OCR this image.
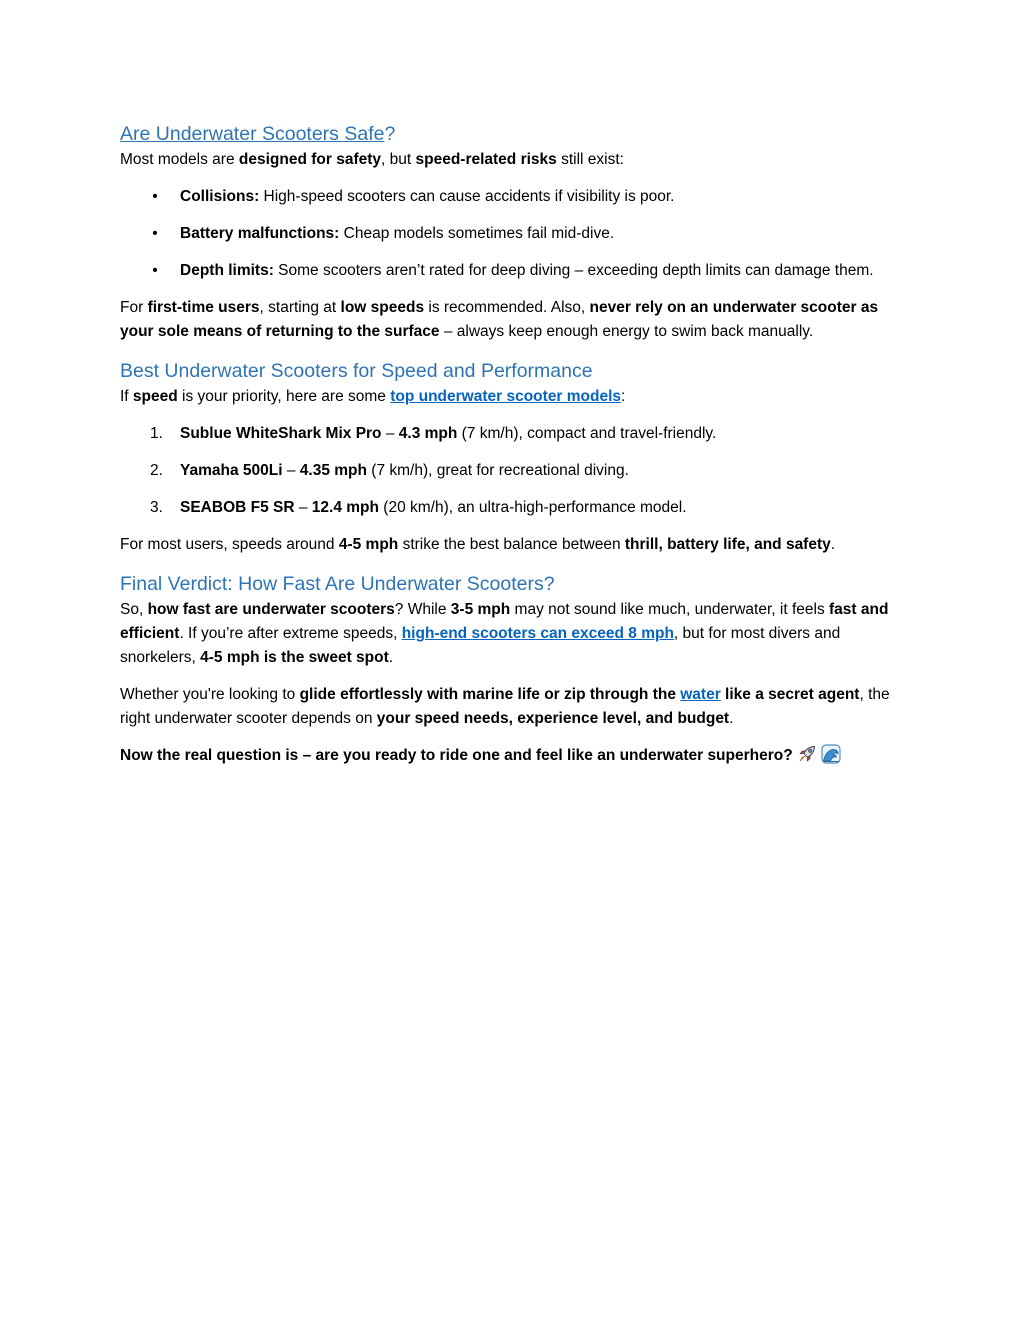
Are Underwater Scooters Safe?

Most models are designed for safety, but speed-related risks still exist:

• Collisions: High-speed scooters can cause accidents if visibility is poor.
• Battery malfunctions: Cheap models sometimes fail mid-dive.
• Depth limits: Some scooters aren’t rated for deep diving – exceeding depth limits can damage them.

For first-time users, starting at low speeds is recommended. Also, never rely on an underwater scooter as your sole means of returning to the surface – always keep enough energy to swim back manually.

Best Underwater Scooters for Speed and Performance

If speed is your priority, here are some top underwater scooter models:

1. Sublue WhiteShark Mix Pro – 4.3 mph (7 km/h), compact and travel-friendly.
2. Yamaha 500Li – 4.35 mph (7 km/h), great for recreational diving.
3. SEABOB F5 SR – 12.4 mph (20 km/h), an ultra-high-performance model.

For most users, speeds around 4-5 mph strike the best balance between thrill, battery life, and safety.

Final Verdict: How Fast Are Underwater Scooters?

So, how fast are underwater scooters? While 3-5 mph may not sound like much, underwater, it feels fast and efficient. If you’re after extreme speeds, high-end scooters can exceed 8 mph, but for most divers and snorkelers, 4-5 mph is the sweet spot.

Whether you're looking to glide effortlessly with marine life or zip through the water like a secret agent, the right underwater scooter depends on your speed needs, experience level, and budget.

Now the real question is – are you ready to ride one and feel like an underwater superhero?
